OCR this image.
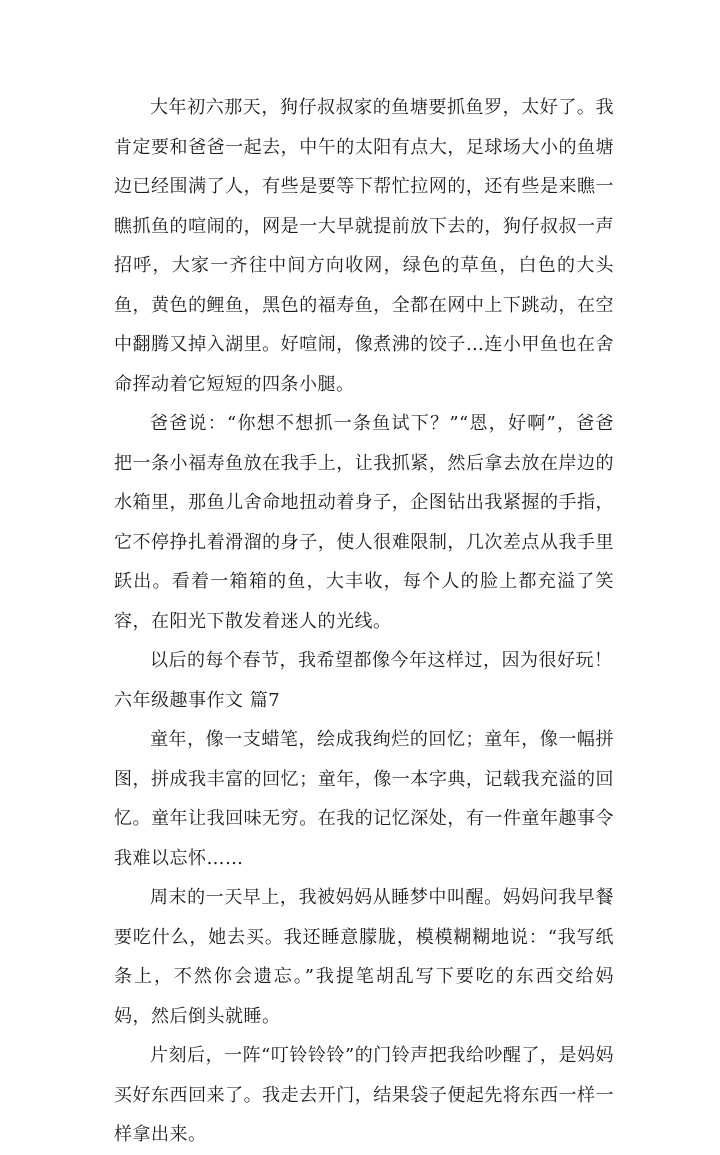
大年初六那天，狗仔叔叔家的鱼塘要抓鱼罗，太好了。我肯定要和爸爸一起去，中午的太阳有点大，足球场大小的鱼塘边已经围满了人，有些是要等下帮忙拉网的，还有些是来瞧一瞧抓鱼的喧闹的，网是一大早就提前放下去的，狗仔叔叔一声招呼，大家一齐往中间方向收网，绿色的草鱼，白色的大头鱼，黄色的鲤鱼，黑色的福寿鱼，全都在网中上下跳动，在空中翻腾又掉入湖里。好喧闹，像煮沸的饺子…连小甲鱼也在舍命挥动着它短短的四条小腿。

爸爸说：“你想不想抓一条鱼试下？”“恩，好啊”，爸爸把一条小福寿鱼放在我手上，让我抓紧，然后拿去放在岸边的水箱里，那鱼儿舍命地扭动着身子，企图钻出我紧握的手指，它不停挣扎着滑溜的身子，使人很难限制，几次差点从我手里跃出。看着一箱箱的鱼，大丰收，每个人的脸上都充溢了笑容，在阳光下散发着迷人的光线。

以后的每个春节，我希望都像今年这样过，因为很好玩！

六年级趣事作文 篇7

童年，像一支蜡笔，绘成我绚烂的回忆；童年，像一幅拼图，拼成我丰富的回忆；童年，像一本字典，记载我充溢的回忆。童年让我回味无穷。在我的记忆深处，有一件童年趣事令我难以忘怀……

周末的一天早上，我被妈妈从睡梦中叫醒。妈妈问我早餐要吃什么，她去买。我还睡意朦胧，模模糊糊地说：“我写纸条上，不然你会遗忘。”我提笔胡乱写下要吃的东西交给妈妈，然后倒头就睡。

片刻后，一阵“叮铃铃铃”的门铃声把我给吵醒了，是妈妈买好东西回来了。我走去开门，结果袋子便起先将东西一样一样拿出来。
